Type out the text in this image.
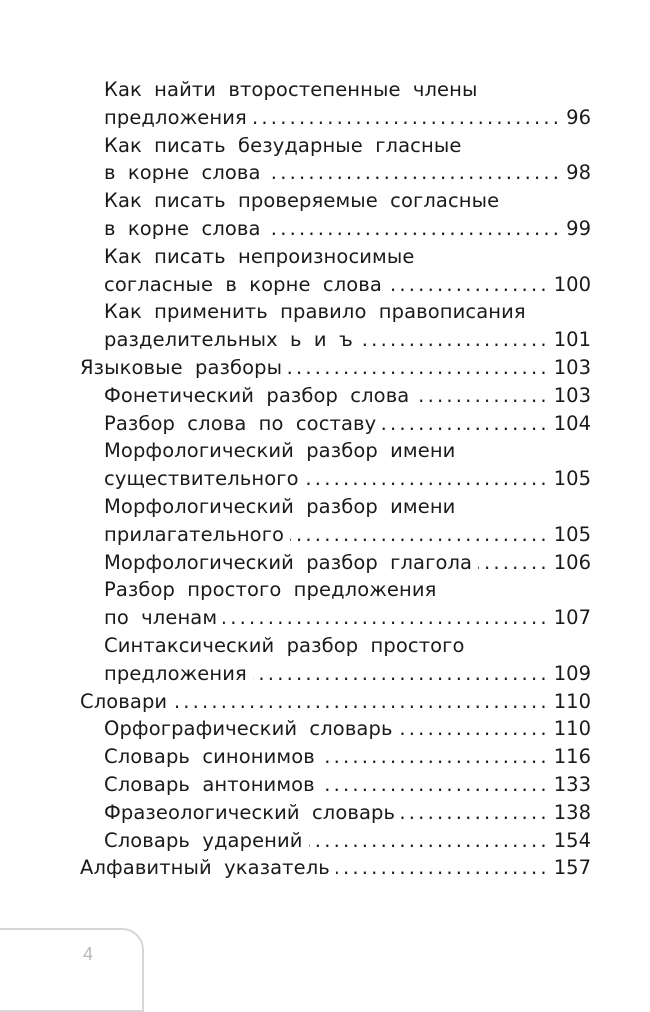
Как найти второстепенные члены
предложения .....	96
Как писать безударные гласные
в корне слова .....	98
Как писать проверяемые согласные
в корне слова .....	99
Как писать непроизносимые
согласные в корне слова .....	100
Как применить правило правописания
разделительных ь и ъ .....	101
Языковые разборы .....	103
Фонетический разбор слова .....	103
Разбор слова по составу .....	104
Морфологический разбор имени
существительного .....	105
Морфологический разбор имени
прилагательного .....	105
Морфологический разбор глагола .....	106
Разбор простого предложения
по членам .....	107
Синтаксический разбор простого
предложения .....	109
Словари .....	110
Орфографический словарь .....	110
Словарь синонимов .....	116
Словарь антонимов .....	133
Фразеологический словарь .....	138
Словарь ударений .....	154
Алфавитный указатель .....	157
4
